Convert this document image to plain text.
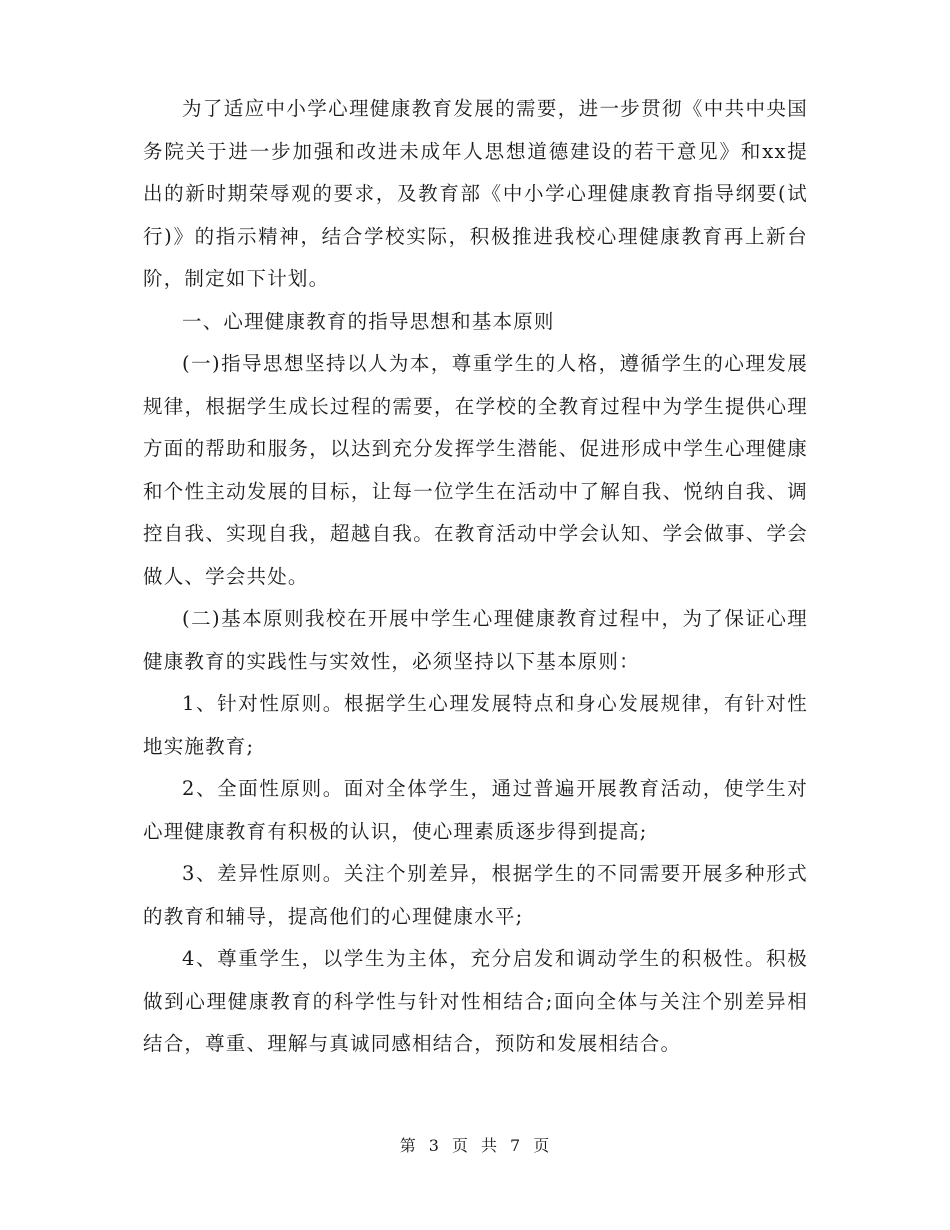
为了适应中小学心理健康教育发展的需要，进一步贯彻《中共中央国务院关于进一步加强和改进未成年人思想道德建设的若干意见》和xx提出的新时期荣辱观的要求，及教育部《中小学心理健康教育指导纲要(试行)》的指示精神，结合学校实际，积极推进我校心理健康教育再上新台阶，制定如下计划。

一、心理健康教育的指导思想和基本原则

(一)指导思想坚持以人为本，尊重学生的人格，遵循学生的心理发展规律，根据学生成长过程的需要，在学校的全教育过程中为学生提供心理方面的帮助和服务，以达到充分发挥学生潜能、促进形成中学生心理健康和个性主动发展的目标，让每一位学生在活动中了解自我、悦纳自我、调控自我、实现自我，超越自我。在教育活动中学会认知、学会做事、学会做人、学会共处。

(二)基本原则我校在开展中学生心理健康教育过程中，为了保证心理健康教育的实践性与实效性，必须坚持以下基本原则：

1、针对性原则。根据学生心理发展特点和身心发展规律，有针对性地实施教育;

2、全面性原则。面对全体学生，通过普遍开展教育活动，使学生对心理健康教育有积极的认识，使心理素质逐步得到提高;

3、差异性原则。关注个别差异，根据学生的不同需要开展多种形式的教育和辅导，提高他们的心理健康水平;

4、尊重学生，以学生为主体，充分启发和调动学生的积极性。积极做到心理健康教育的科学性与针对性相结合;面向全体与关注个别差异相结合，尊重、理解与真诚同感相结合，预防和发展相结合。

第 3 页 共 7 页
